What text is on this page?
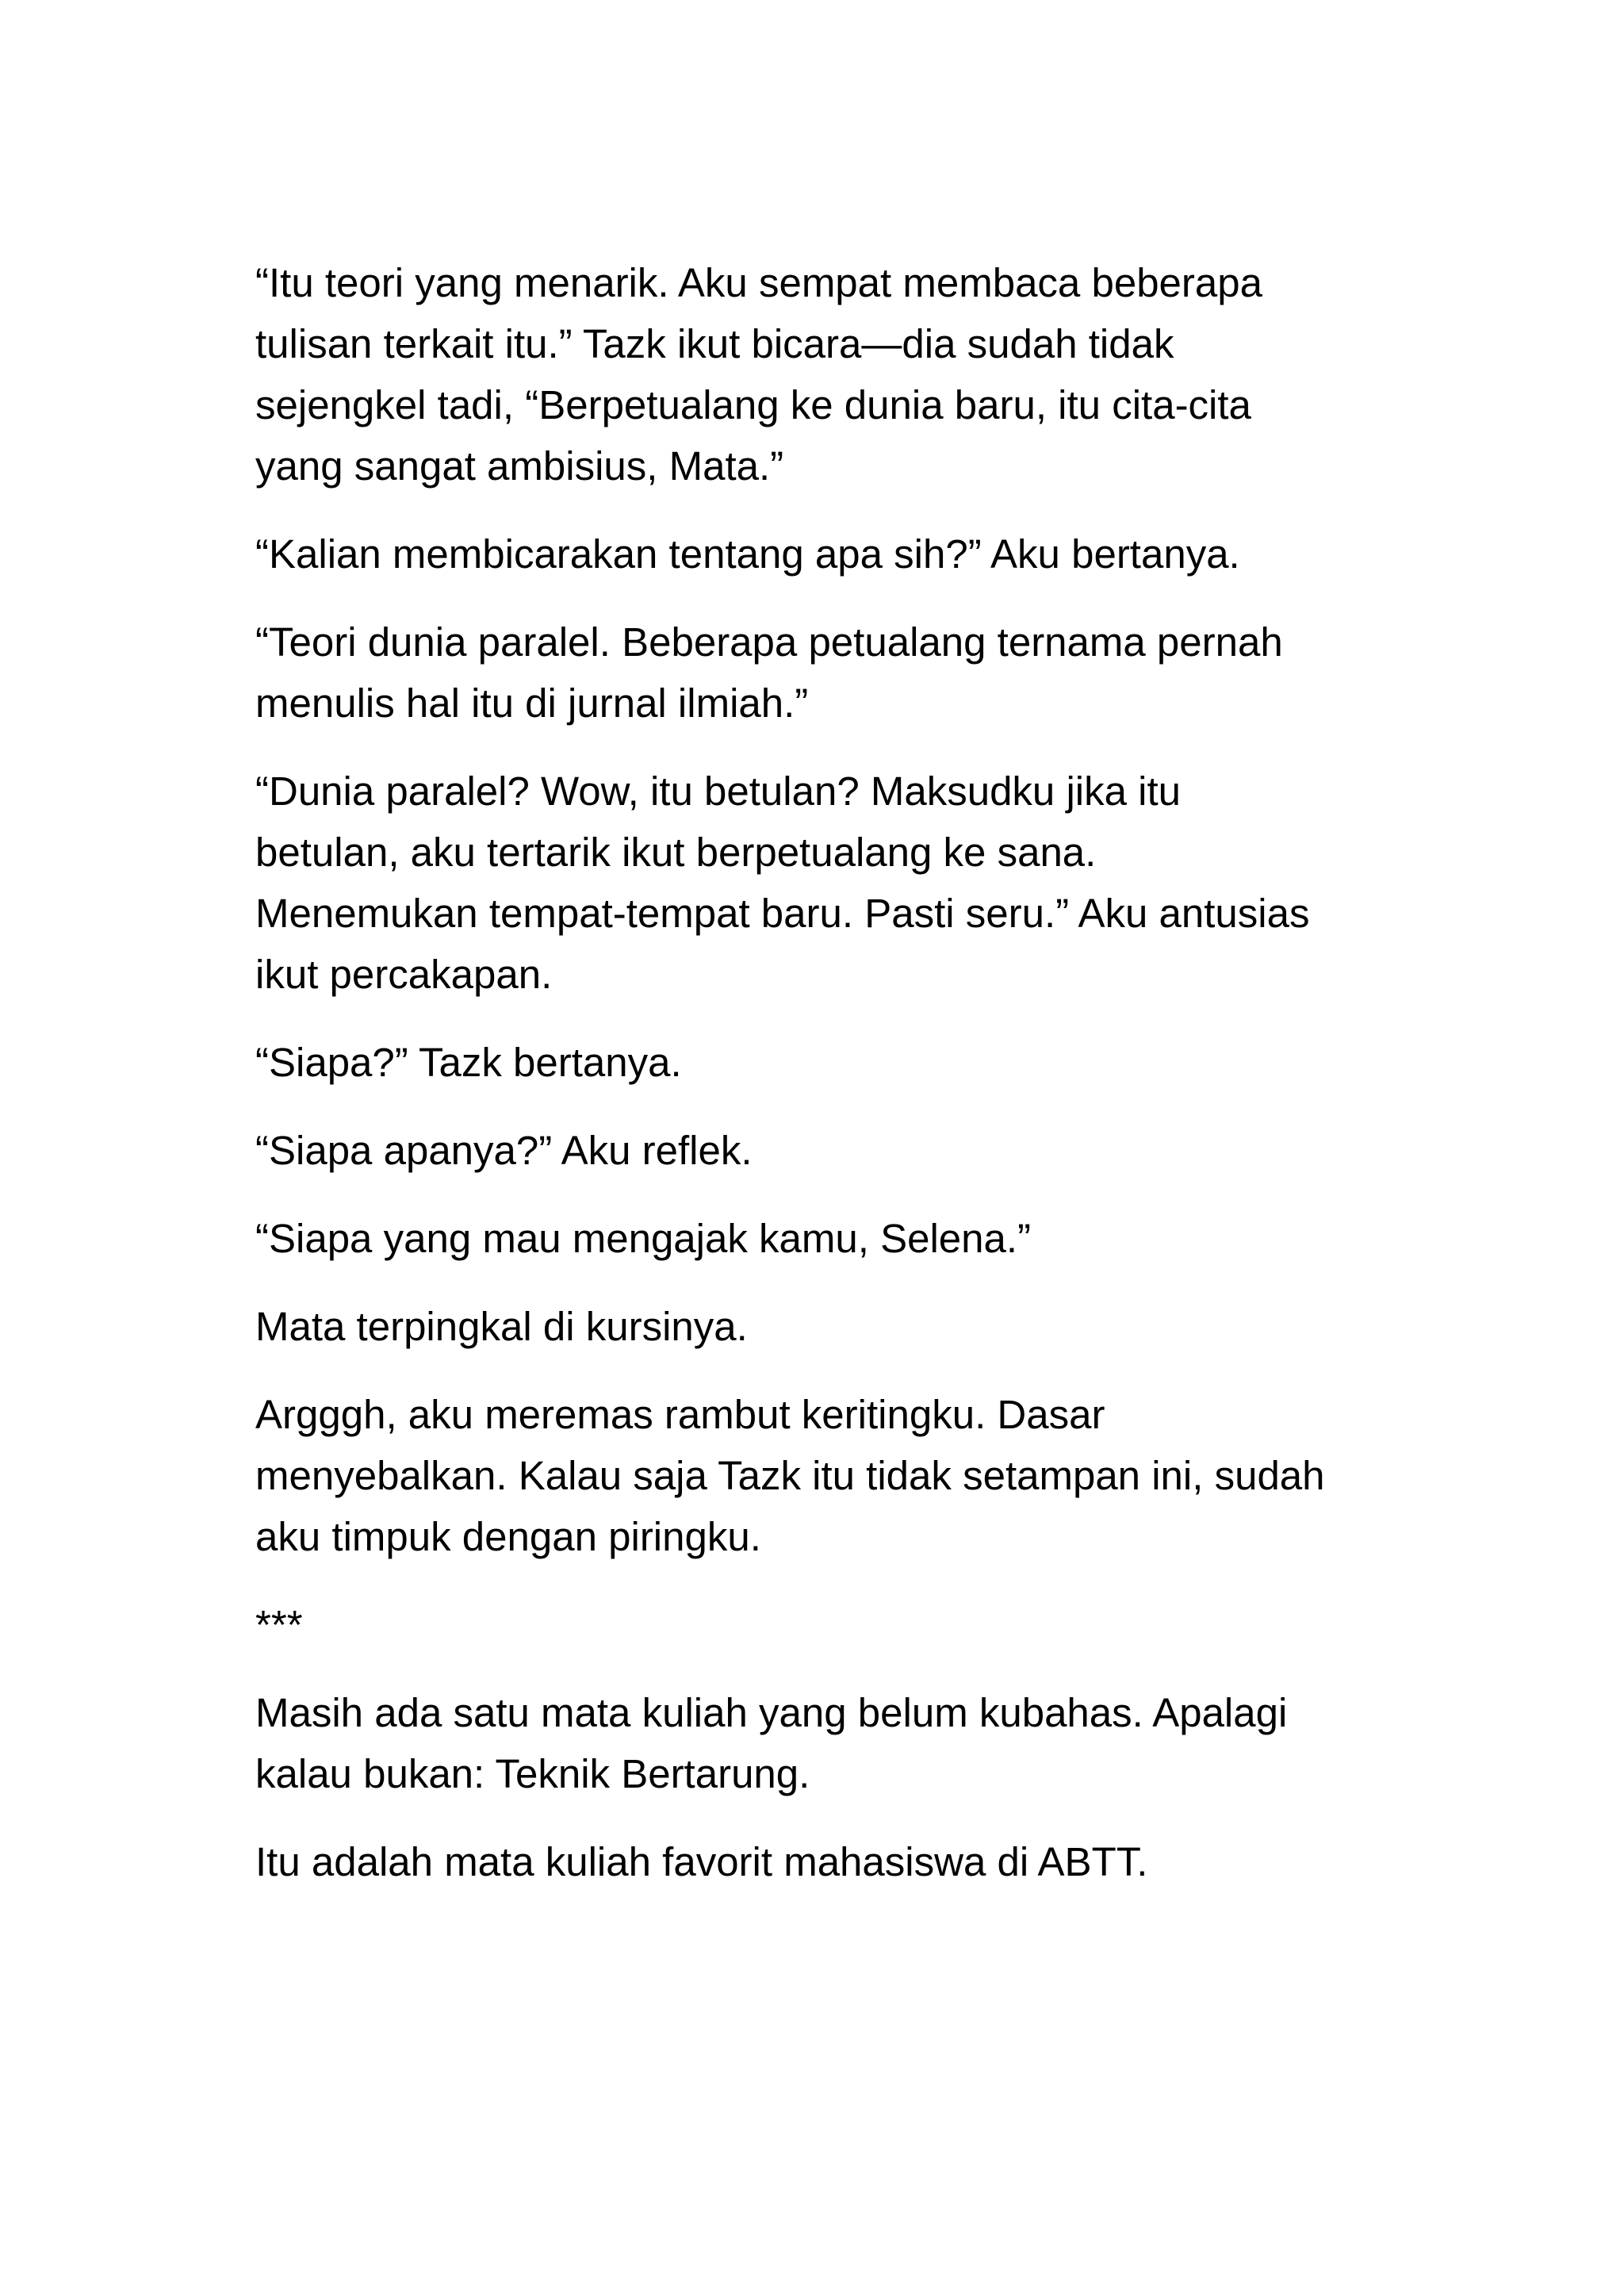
“Itu teori yang menarik. Aku sempat membaca beberapa
tulisan terkait itu.” Tazk ikut bicara—dia sudah tidak
sejengkel tadi, “Berpetualang ke dunia baru, itu cita-cita
yang sangat ambisius, Mata.”

“Kalian membicarakan tentang apa sih?” Aku bertanya.

“Teori dunia paralel. Beberapa petualang ternama pernah
menulis hal itu di jurnal ilmiah.”

“Dunia paralel? Wow, itu betulan? Maksudku jika itu
betulan, aku tertarik ikut berpetualang ke sana.
Menemukan tempat-tempat baru. Pasti seru.” Aku antusias
ikut percakapan.

“Siapa?” Tazk bertanya.

“Siapa apanya?” Aku reflek.

“Siapa yang mau mengajak kamu, Selena.”

Mata terpingkal di kursinya.

Argggh, aku meremas rambut keritingku. Dasar
menyebalkan. Kalau saja Tazk itu tidak setampan ini, sudah
aku timpuk dengan piringku.

***

Masih ada satu mata kuliah yang belum kubahas. Apalagi
kalau bukan: Teknik Bertarung.

Itu adalah mata kuliah favorit mahasiswa di ABTT.
